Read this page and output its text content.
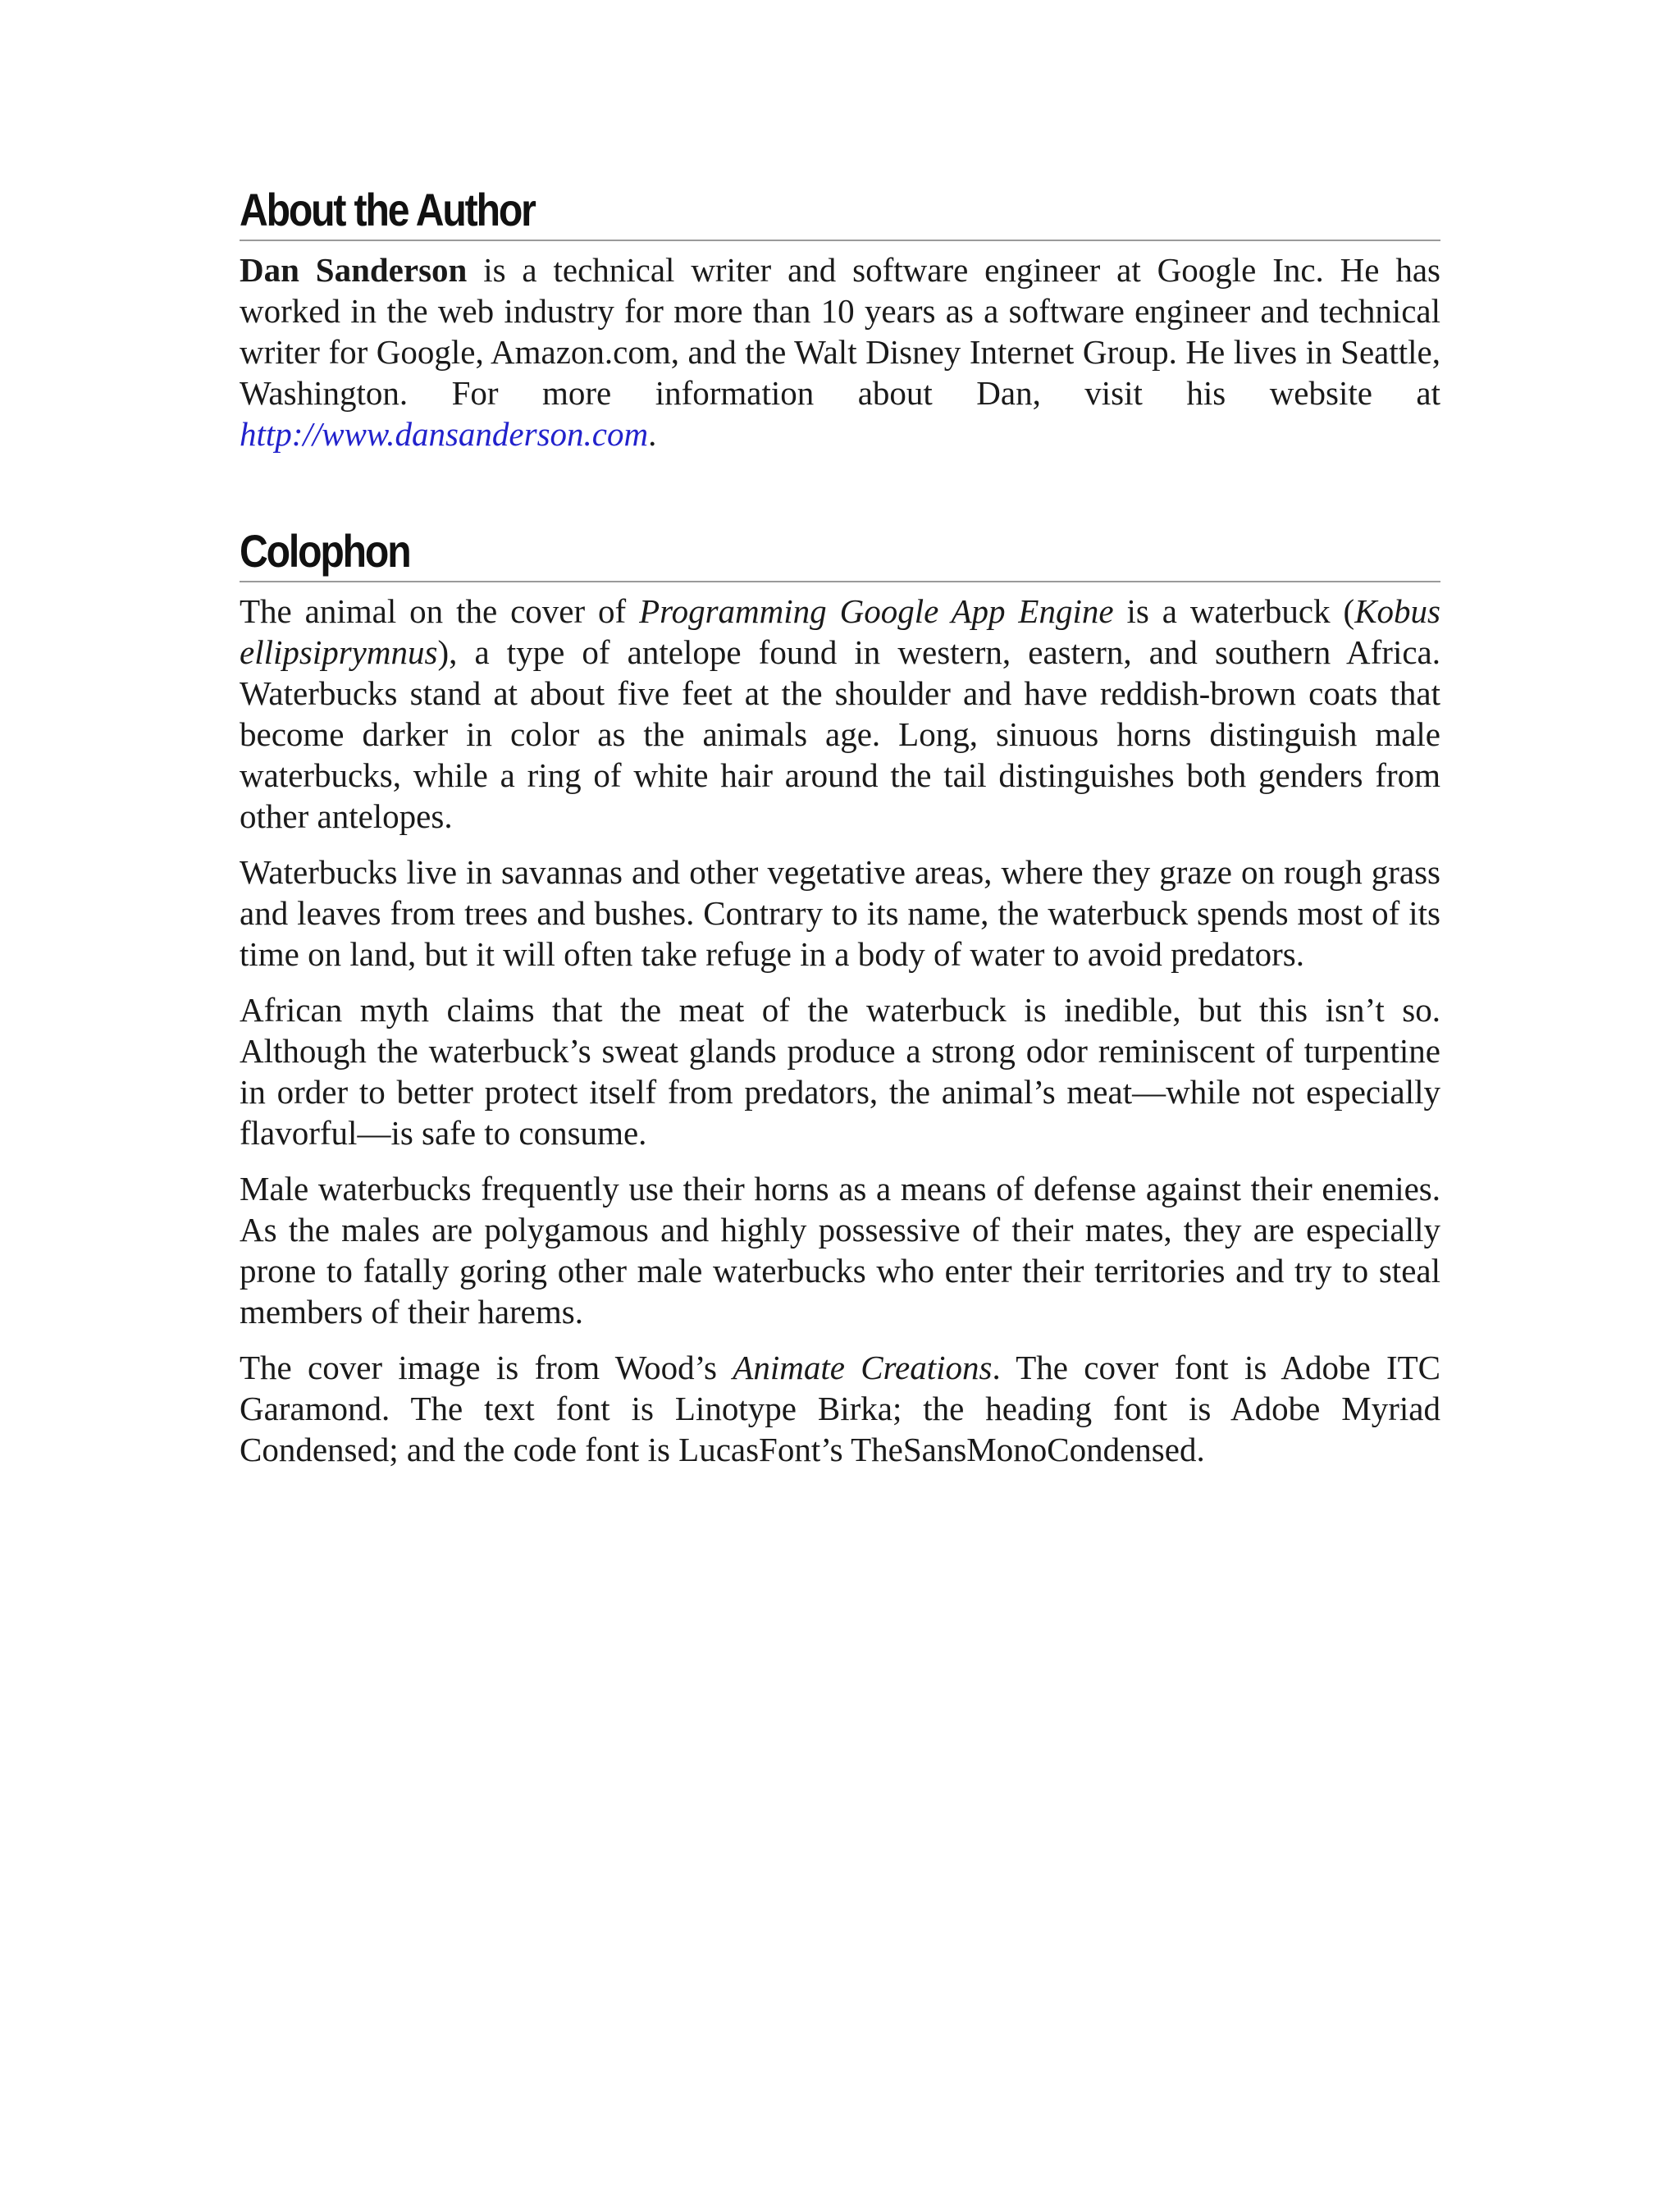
About the Author

Dan Sanderson is a technical writer and software engineer at Google Inc. He has worked in the web industry for more than 10 years as a software engineer and technical writer for Google, Amazon.com, and the Walt Disney Internet Group. He lives in Seattle, Washington. For more information about Dan, visit his website at http://www.dansanderson.com.

Colophon

The animal on the cover of Programming Google App Engine is a waterbuck (Kobus ellipsiprymnus), a type of antelope found in western, eastern, and southern Africa. Waterbucks stand at about five feet at the shoulder and have reddish-brown coats that become darker in color as the animals age. Long, sinuous horns distinguish male waterbucks, while a ring of white hair around the tail distinguishes both genders from other antelopes.

Waterbucks live in savannas and other vegetative areas, where they graze on rough grass and leaves from trees and bushes. Contrary to its name, the waterbuck spends most of its time on land, but it will often take refuge in a body of water to avoid predators.

African myth claims that the meat of the waterbuck is inedible, but this isn’t so. Although the waterbuck’s sweat glands produce a strong odor reminiscent of turpentine in order to better protect itself from predators, the animal’s meat—while not especially flavorful—is safe to consume.

Male waterbucks frequently use their horns as a means of defense against their enemies. As the males are polygamous and highly possessive of their mates, they are especially prone to fatally goring other male waterbucks who enter their territories and try to steal members of their harems.

The cover image is from Wood’s Animate Creations. The cover font is Adobe ITC Garamond. The text font is Linotype Birka; the heading font is Adobe Myriad Condensed; and the code font is LucasFont’s TheSansMonoCondensed.
